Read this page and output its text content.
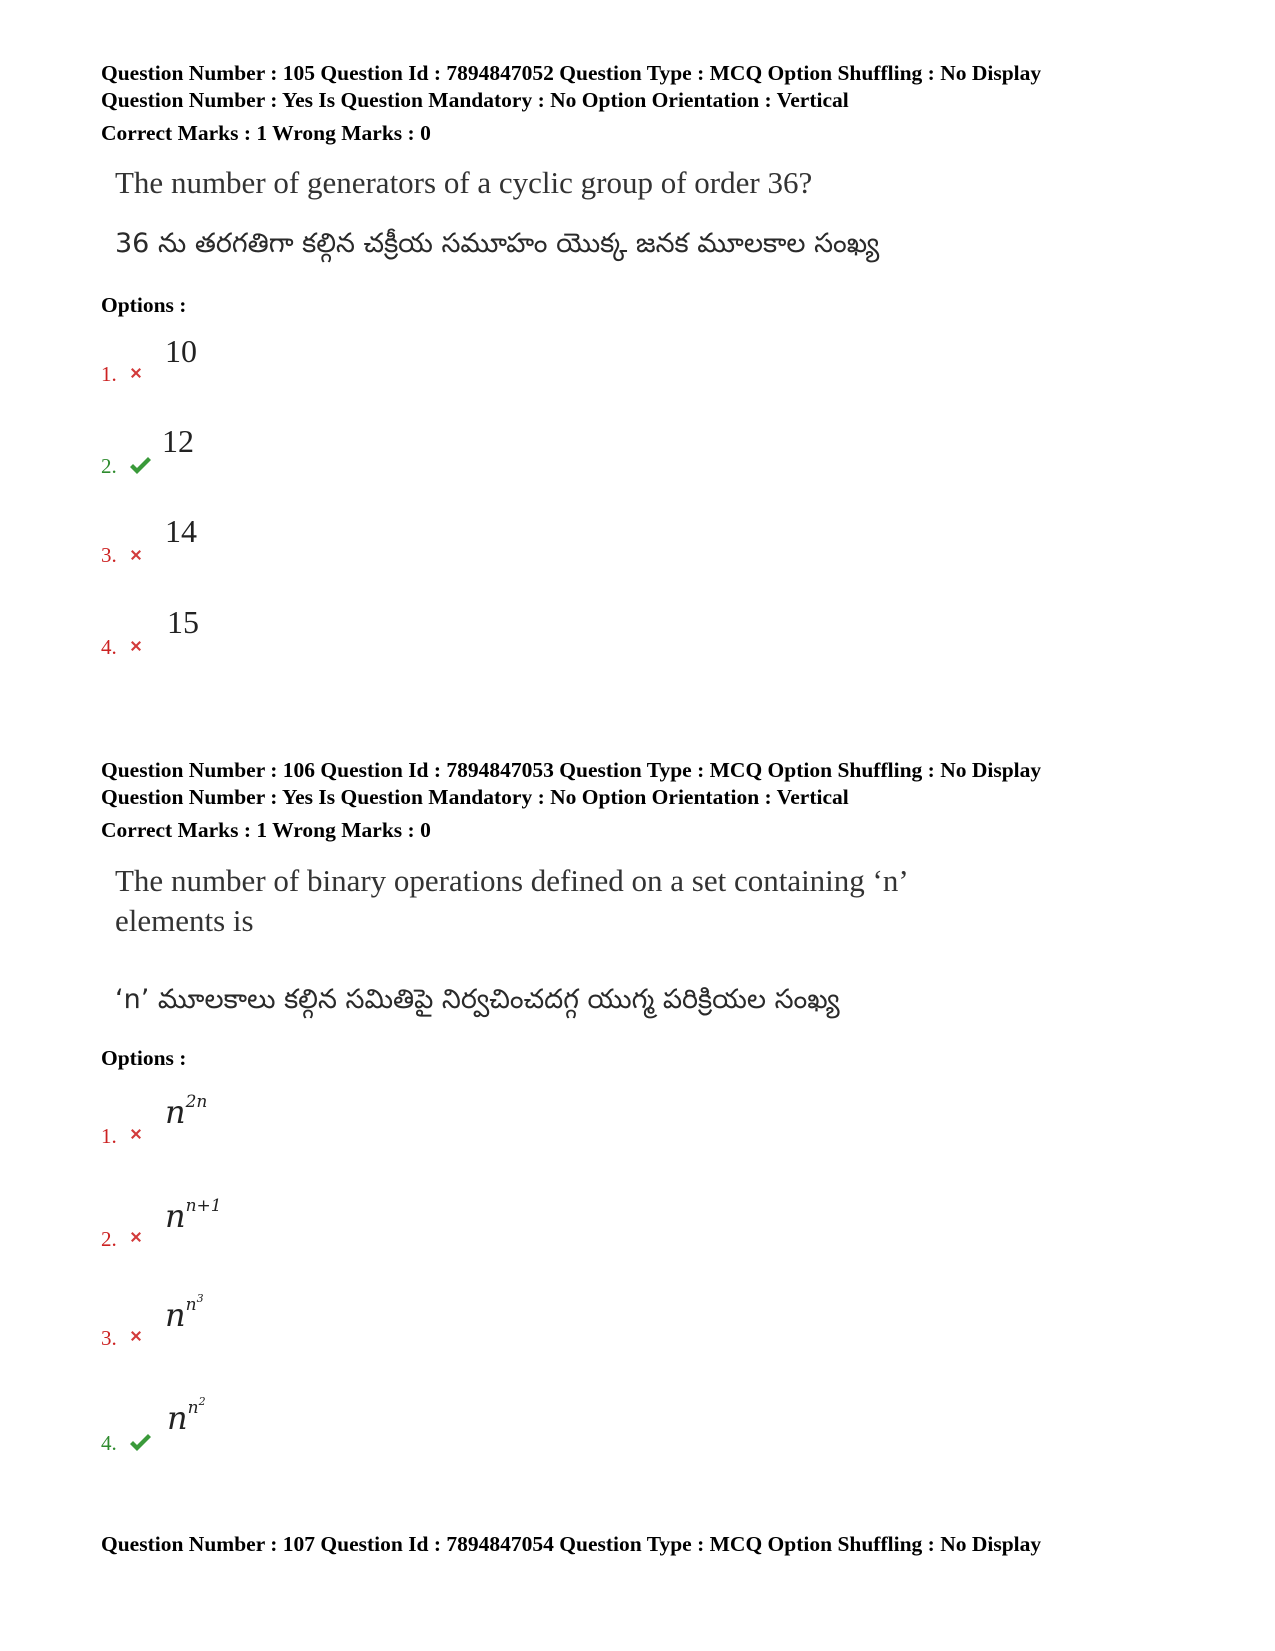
Question Number : 105 Question Id : 7894847052 Question Type : MCQ Option Shuffling : No Display
Question Number : Yes Is Question Mandatory : No Option Orientation : Vertical
Correct Marks : 1 Wrong Marks : 0
The number of generators of a cyclic group of order 36?
36 ను తరగతిగా కల్గిన చక్రీయ సమూహం యొక్క జనక మూలకాల సంఖ్య
Options :
1.
10
2.
12
3.
14
4.
15
Question Number : 106 Question Id : 7894847053 Question Type : MCQ Option Shuffling : No Display
Question Number : Yes Is Question Mandatory : No Option Orientation : Vertical
Correct Marks : 1 Wrong Marks : 0
The number of binary operations defined on a set containing ‘n’
elements is
‘n’ మూలకాలు కల్గిన సమితిపై నిర్వచించదగ్గ యుగ్మ పరిక్రియల సంఖ్య
Options :
1.
$n^{2n}$
2.
$n^{n+1}$
3.
$n^{n^3}$
4.
$n^{n^2}$
Question Number : 107 Question Id : 7894847054 Question Type : MCQ Option Shuffling : No Display
